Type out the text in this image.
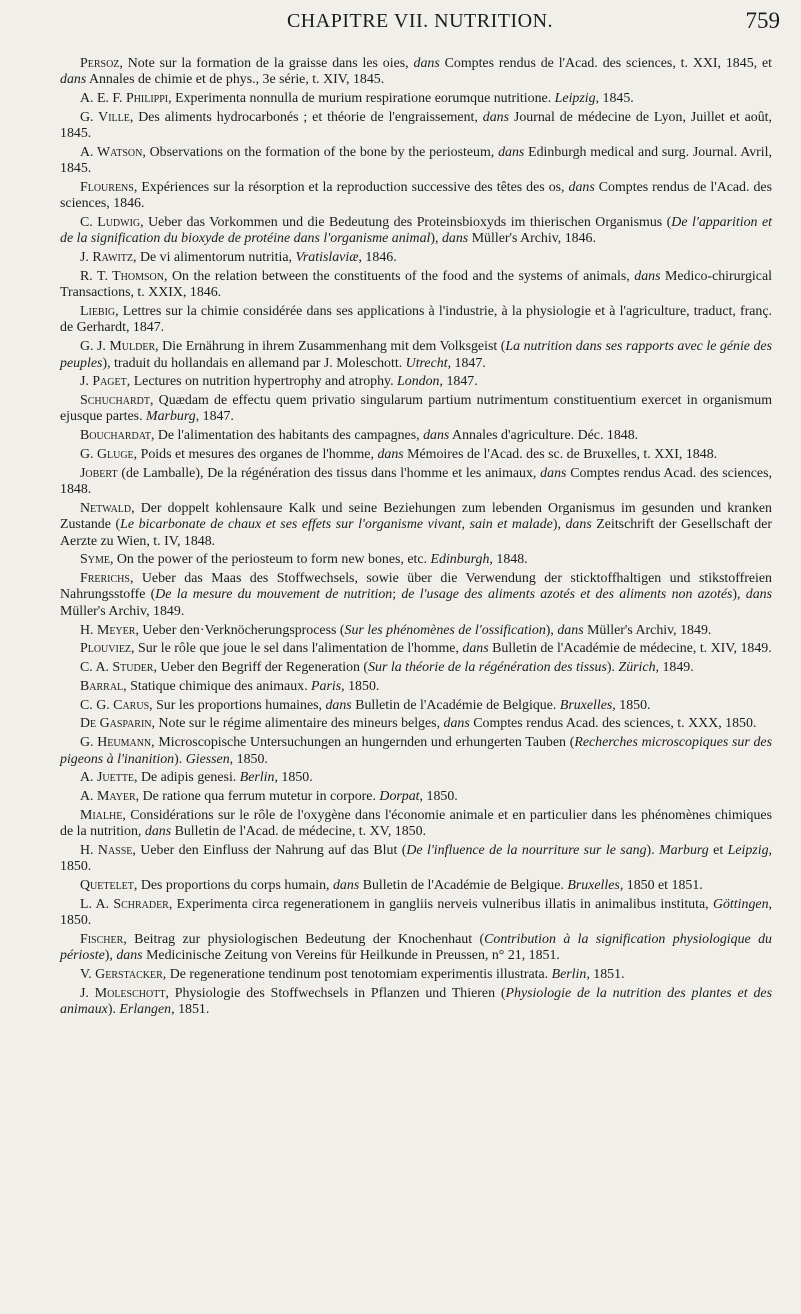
CHAPITRE VII. NUTRITION.	759

Persoz, Note sur la formation de la graisse dans les oies, dans Comptes rendus de l'Acad. des sciences, t. XXI, 1845, et dans Annales de chimie et de phys., 3e série, t. XIV, 1845.

A. E. F. Philippi, Experimenta nonnulla de murium respiratione eorumque nutritione. Leipzig, 1845.

G. Ville, Des aliments hydrocarbonés ; et théorie de l'engraissement, dans Journal de médecine de Lyon, Juillet et août, 1845.

A. Watson, Observations on the formation of the bone by the periosteum, dans Edinburgh medical and surg. Journal. Avril, 1845.

Flourens, Expériences sur la résorption et la reproduction successive des têtes des os, dans Comptes rendus de l'Acad. des sciences, 1846.

C. Ludwig, Ueber das Vorkommen und die Bedeutung des Proteinsbioxyds im thierischen Organismus (De l'apparition et de la signification du bioxyde de protéine dans l'organisme animal), dans Müller's Archiv, 1846.

J. Rawitz, De vi alimentorum nutritia, Vratislaviæ, 1846.

R. T. Thomson, On the relation between the constituents of the food and the systems of animals, dans Medico-chirurgical Transactions, t. XXIX, 1846.

Liebig, Lettres sur la chimie considérée dans ses applications à l'industrie, à la physiologie et à l'agriculture, traduct, franç. de Gerhardt, 1847.

G. J. Mulder, Die Ernährung in ihrem Zusammenhang mit dem Volksgeist (La nutrition dans ses rapports avec le génie des peuples), traduit du hollandais en allemand par J. Moleschott. Utrecht, 1847.

J. Paget, Lectures on nutrition hypertrophy and atrophy. London, 1847.

Schuchardt, Quædam de effectu quem privatio singularum partium nutrimentum constituentium exercet in organismum ejusque partes. Marburg, 1847.

Bouchardat, De l'alimentation des habitants des campagnes, dans Annales d'agriculture. Déc. 1848.

G. Gluge, Poids et mesures des organes de l'homme, dans Mémoires de l'Acad. des sc. de Bruxelles, t. XXI, 1848.

Jobert (de Lamballe), De la régénération des tissus dans l'homme et les animaux, dans Comptes rendus Acad. des sciences, 1848.

Netwald, Der doppelt kohlensaure Kalk und seine Beziehungen zum lebenden Organismus im gesunden und kranken Zustande (Le bicarbonate de chaux et ses effets sur l'organisme vivant, sain et malade), dans Zeitschrift der Gesellschaft der Aerzte zu Wien, t. IV, 1848.

Syme, On the power of the periosteum to form new bones, etc. Edinburgh, 1848.

Frerichs, Ueber das Maas des Stoffwechsels, sowie über die Verwendung der sticktoffhaltigen und stikstoffreien Nahrungsstoffe (De la mesure du mouvement de nutrition; de l'usage des aliments azotés et des aliments non azotés), dans Müller's Archiv, 1849.

H. Meyer, Ueber den·Verknöcherungsprocess (Sur les phénomènes de l'ossification), dans Müller's Archiv, 1849.

Plouviez, Sur le rôle que joue le sel dans l'alimentation de l'homme, dans Bulletin de l'Académie de médecine, t. XIV, 1849.

C. A. Studer, Ueber den Begriff der Regeneration (Sur la théorie de la régénération des tissus). Zürich, 1849.

Barral, Statique chimique des animaux. Paris, 1850.

C. G. Carus, Sur les proportions humaines, dans Bulletin de l'Académie de Belgique. Bruxelles, 1850.

De Gasparin, Note sur le régime alimentaire des mineurs belges, dans Comptes rendus Acad. des sciences, t. XXX, 1850.

G. Heumann, Microscopische Untersuchungen an hungernden und erhungerten Tauben (Recherches microscopiques sur des pigeons à l'inanition). Giessen, 1850.

A. Juette, De adipis genesi. Berlin, 1850.

A. Mayer, De ratione qua ferrum mutetur in corpore. Dorpat, 1850.

Mialhe, Considérations sur le rôle de l'oxygène dans l'économie animale et en particulier dans les phénomènes chimiques de la nutrition, dans Bulletin de l'Acad. de médecine, t. XV, 1850.

H. Nasse, Ueber den Einfluss der Nahrung auf das Blut (De l'influence de la nourriture sur le sang). Marburg et Leipzig, 1850.

Quetelet, Des proportions du corps humain, dans Bulletin de l'Académie de Belgique. Bruxelles, 1850 et 1851.

L. A. Schrader, Experimenta circa regenerationem in gangliis nerveis vulneribus illatis in animalibus instituta, Göttingen, 1850.

Fischer, Beitrag zur physiologischen Bedeutung der Knochenhaut (Contribution à la signification physiologique du périoste), dans Medicinische Zeitung von Vereins für Heilkunde in Preussen, n° 21, 1851.

V. Gerstacker, De regeneratione tendinum post tenotomiam experimentis illustrata. Berlin, 1851.

J. Moleschott, Physiologie des Stoffwechsels in Pflanzen und Thieren (Physiologie de la nutrition des plantes et des animaux). Erlangen, 1851.
